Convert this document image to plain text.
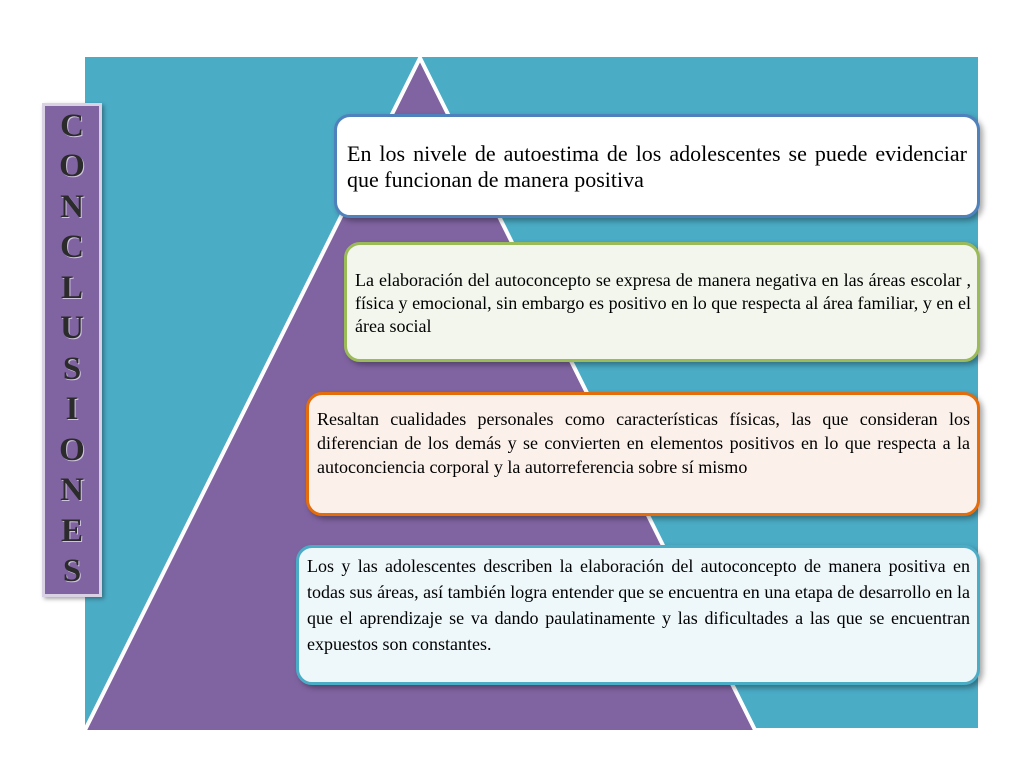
C
O
N
C
L
U
S
I
O
N
E
S
En los nivele de autoestima de los adolescentes se puede evidenciar que funcionan de manera positiva
La elaboración del autoconcepto se expresa de manera negativa en las áreas escolar , física y emocional, sin embargo es positivo en lo que respecta al área familiar, y en el área social
Resaltan cualidades personales como características físicas, las que consideran los diferencian de los demás y se convierten en elementos positivos en lo que respecta a la autoconciencia corporal y la autorreferencia sobre sí mismo
Los y las adolescentes describen la elaboración del autoconcepto de manera positiva en todas sus áreas, así también logra entender que se encuentra en una etapa de desarrollo en la que el aprendizaje se va dando paulatinamente y las dificultades a las que se encuentran expuestos son constantes.
